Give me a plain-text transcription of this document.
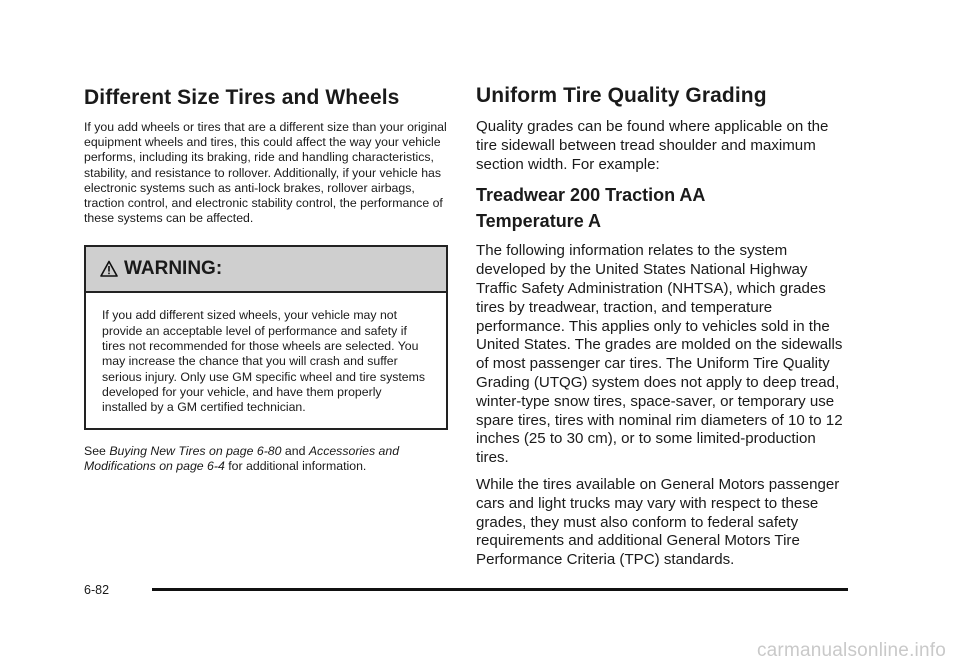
Different Size Tires and Wheels

If you add wheels or tires that are a different size than your original equipment wheels and tires, this could affect the way your vehicle performs, including its braking, ride and handling characteristics, stability, and resistance to rollover. Additionally, if your vehicle has electronic systems such as anti-lock brakes, rollover airbags, traction control, and electronic stability control, the performance of these systems can be affected.

WARNING:

If you add different sized wheels, your vehicle may not provide an acceptable level of performance and safety if tires not recommended for those wheels are selected. You may increase the chance that you will crash and suffer serious injury. Only use GM specific wheel and tire systems developed for your vehicle, and have them properly installed by a GM certified technician.

See Buying New Tires on page 6-80 and Accessories and Modifications on page 6-4 for additional information.

Uniform Tire Quality Grading

Quality grades can be found where applicable on the tire sidewall between tread shoulder and maximum section width. For example:

Treadwear 200 Traction AA
Temperature A

The following information relates to the system developed by the United States National Highway Traffic Safety Administration (NHTSA), which grades tires by treadwear, traction, and temperature performance. This applies only to vehicles sold in the United States. The grades are molded on the sidewalls of most passenger car tires. The Uniform Tire Quality Grading (UTQG) system does not apply to deep tread, winter-type snow tires, space-saver, or temporary use spare tires, tires with nominal rim diameters of 10 to 12 inches (25 to 30 cm), or to some limited-production tires.

While the tires available on General Motors passenger cars and light trucks may vary with respect to these grades, they must also conform to federal safety requirements and additional General Motors Tire Performance Criteria (TPC) standards.

6-82
carmanualsonline.info
